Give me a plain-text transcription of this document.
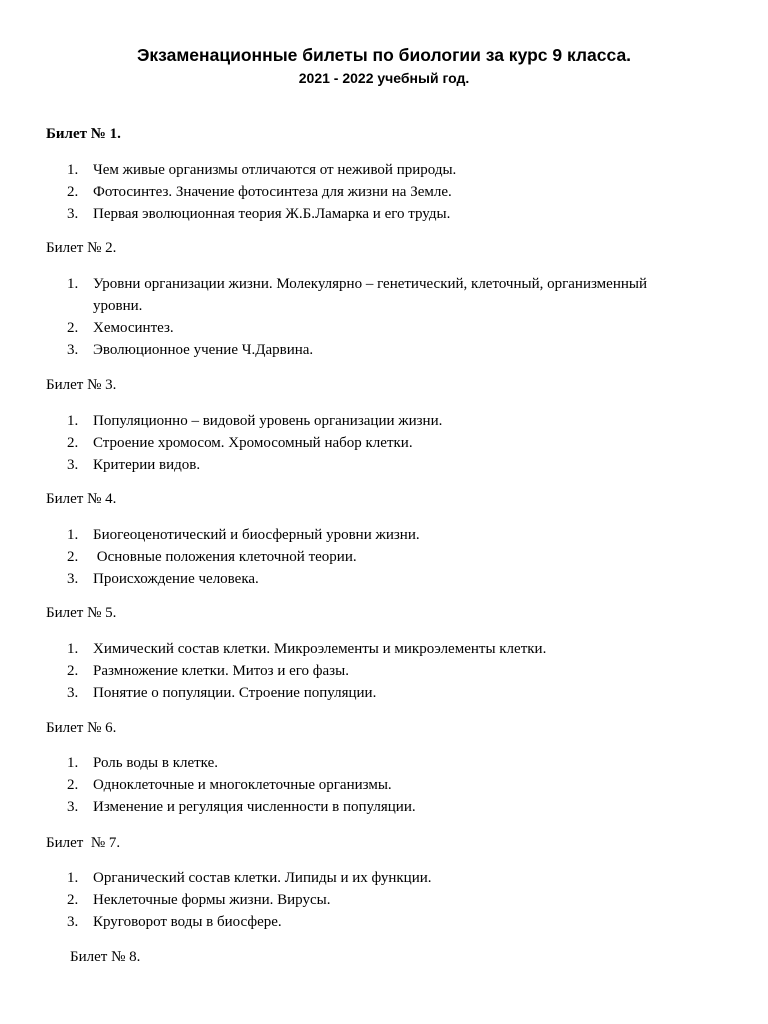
Экзаменационные билеты по биологии за курс 9 класса.
2021 - 2022 учебный год.

Билет № 1.

1. Чем живые организмы отличаются от неживой природы.
2. Фотосинтез. Значение фотосинтеза для жизни на Земле.
3. Первая эволюционная теория Ж.Б.Ламарка и его труды.

Билет № 2.

1. Уровни организации жизни. Молекулярно – генетический, клеточный, организменный уровни.
2. Хемосинтез.
3. Эволюционное учение Ч.Дарвина.

Билет № 3.

1. Популяционно – видовой уровень организации жизни.
2. Строение хромосом. Хромосомный набор клетки.
3. Критерии видов.

Билет № 4.

1. Биогеоценотический и биосферный уровни жизни.
2. Основные положения клеточной теории.
3. Происхождение человека.

Билет № 5.

1. Химический состав клетки. Микроэлементы и микроэлементы клетки.
2. Размножение клетки. Митоз и его фазы.
3. Понятие о популяции. Строение популяции.

Билет № 6.

1. Роль воды в клетке.
2. Одноклеточные и многоклеточные организмы.
3. Изменение и регуляция численности в популяции.

Билет  № 7.

1. Органический состав клетки. Липиды и их функции.
2. Неклеточные формы жизни. Вирусы.
3. Круговорот воды в биосфере.

Билет № 8.
